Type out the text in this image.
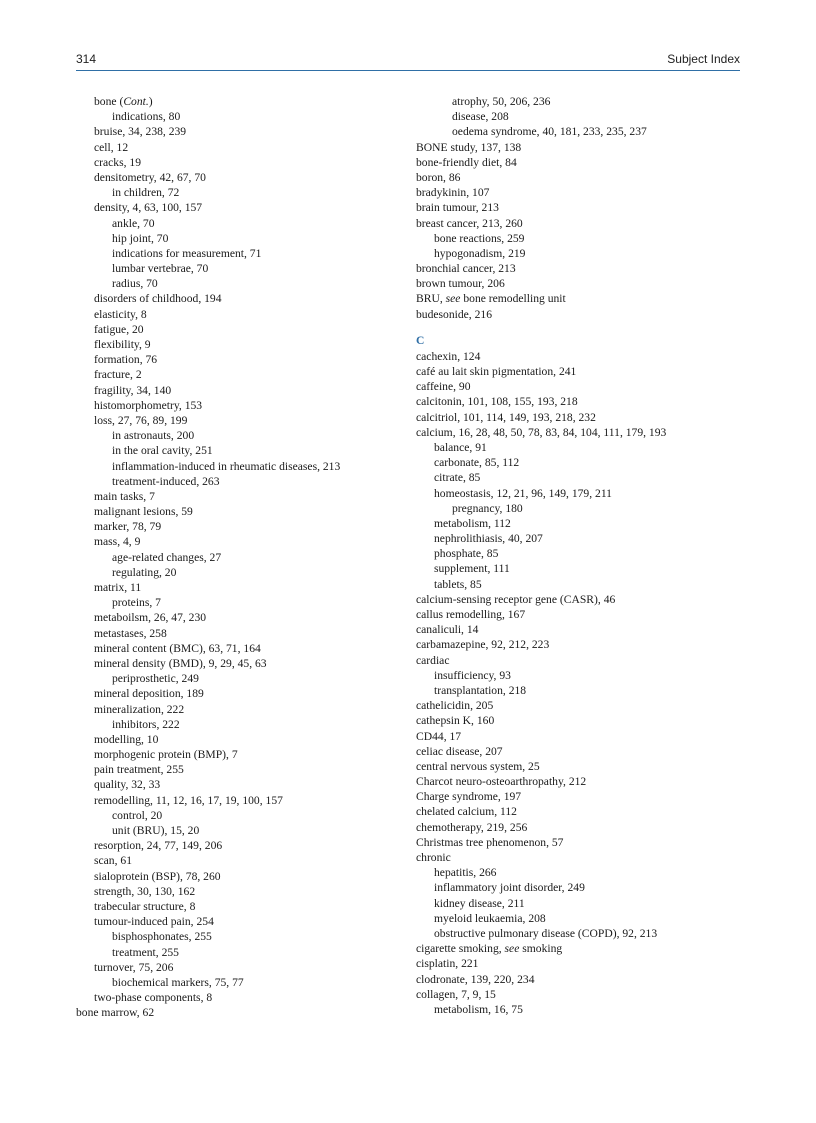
314	Subject Index
bone (Cont.)
indications, 80
bruise, 34, 238, 239
cell, 12
cracks, 19
densitometry, 42, 67, 70
in children, 72
density, 4, 63, 100, 157
ankle, 70
hip joint, 70
indications for measurement, 71
lumbar vertebrae, 70
radius, 70
disorders of childhood, 194
elasticity, 8
fatigue, 20
flexibility, 9
formation, 76
fracture, 2
fragility, 34, 140
histomorphometry, 153
loss, 27, 76, 89, 199
in astronauts, 200
in the oral cavity, 251
inflammation-induced in rheumatic diseases, 213
treatment-induced, 263
main tasks, 7
malignant lesions, 59
marker, 78, 79
mass, 4, 9
age-related changes, 27
regulating, 20
matrix, 11
proteins, 7
metaboilsm, 26, 47, 230
metastases, 258
mineral content (BMC), 63, 71, 164
mineral density (BMD), 9, 29, 45, 63
periprosthetic, 249
mineral deposition, 189
mineralization, 222
inhibitors, 222
modelling, 10
morphogenic protein (BMP), 7
pain treatment, 255
quality, 32, 33
remodelling, 11, 12, 16, 17, 19, 100, 157
control, 20
unit (BRU), 15, 20
resorption, 24, 77, 149, 206
scan, 61
sialoprotein (BSP), 78, 260
strength, 30, 130, 162
trabecular structure, 8
tumour-induced pain, 254
bisphosphonates, 255
treatment, 255
turnover, 75, 206
biochemical markers, 75, 77
two-phase components, 8
bone marrow, 62
atrophy, 50, 206, 236
disease, 208
oedema syndrome, 40, 181, 233, 235, 237
BONE study, 137, 138
bone-friendly diet, 84
boron, 86
bradykinin, 107
brain tumour, 213
breast cancer, 213, 260
bone reactions, 259
hypogonadism, 219
bronchial cancer, 213
brown tumour, 206
BRU, see bone remodelling unit
budesonide, 216
C
cachexin, 124
café au lait skin pigmentation, 241
caffeine, 90
calcitonin, 101, 108, 155, 193, 218
calcitriol, 101, 114, 149, 193, 218, 232
calcium, 16, 28, 48, 50, 78, 83, 84, 104, 111, 179, 193
balance, 91
carbonate, 85, 112
citrate, 85
homeostasis, 12, 21, 96, 149, 179, 211
pregnancy, 180
metabolism, 112
nephrolithiasis, 40, 207
phosphate, 85
supplement, 111
tablets, 85
calcium-sensing receptor gene (CASR), 46
callus remodelling, 167
canaliculi, 14
carbamazepine, 92, 212, 223
cardiac
insufficiency, 93
transplantation, 218
cathelicidin, 205
cathepsin K, 160
CD44, 17
celiac disease, 207
central nervous system, 25
Charcot neuro-osteoarthropathy, 212
Charge syndrome, 197
chelated calcium, 112
chemotherapy, 219, 256
Christmas tree phenomenon, 57
chronic
hepatitis, 266
inflammatory joint disorder, 249
kidney disease, 211
myeloid leukaemia, 208
obstructive pulmonary disease (COPD), 92, 213
cigarette smoking, see smoking
cisplatin, 221
clodronate, 139, 220, 234
collagen, 7, 9, 15
metabolism, 16, 75
